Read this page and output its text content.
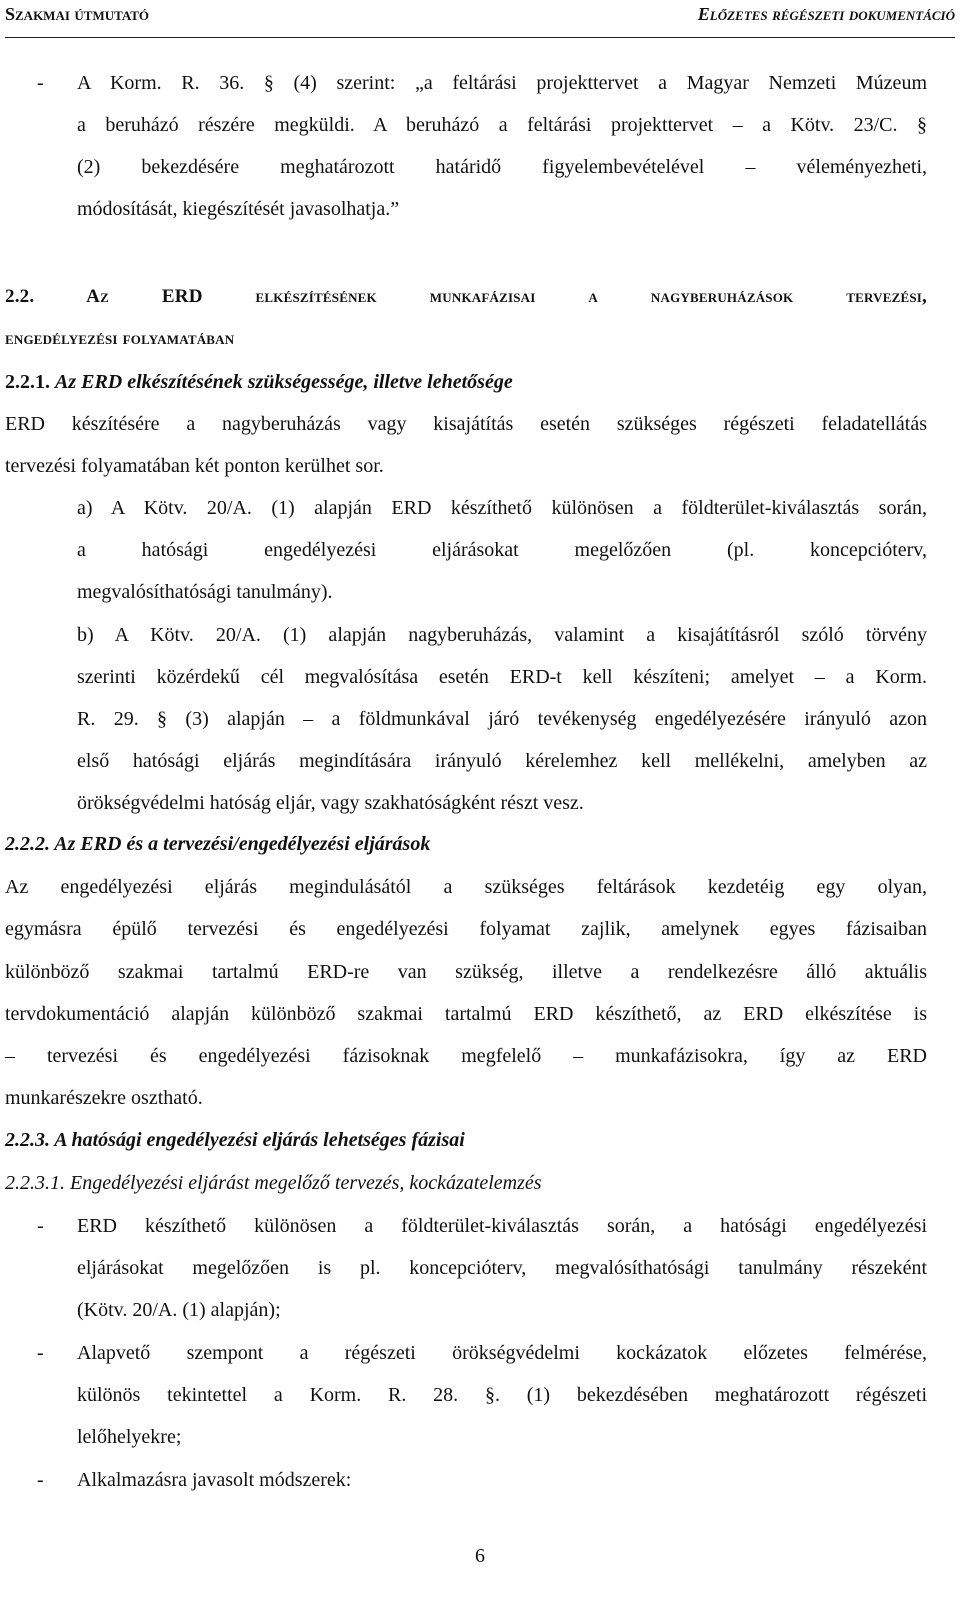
Szakmai útmutató	Előzetes régészeti dokumentáció
- A Korm. R. 36. § (4) szerint: „a feltárási projekttervet a Magyar Nemzeti Múzeum
a beruházó részére megküldi. A beruházó a feltárási projekttervet – a Kötv. 23/C. §
(2) bekezdésére meghatározott határidő figyelembevételével – véleményezheti,
módosítását, kiegészítését javasolhatja.”
2.2. Az ERD elkészítésének munkafázisai a nagyberuházások tervezési,
engedélyezési folyamatában
2.2.1. Az ERD elkészítésének szükségessége, illetve lehetősége
ERD készítésére a nagyberuházás vagy kisajátítás esetén szükséges régészeti feladatellátás
tervezési folyamatában két ponton kerülhet sor.
a) A Kötv. 20/A. (1) alapján ERD készíthető különösen a földterület-kiválasztás során,
a hatósági engedélyezési eljárásokat megelőzően (pl. koncepcióterv,
megvalósíthatósági tanulmány).
b) A Kötv. 20/A. (1) alapján nagyberuházás, valamint a kisajátításról szóló törvény
szerinti közérdekű cél megvalósítása esetén ERD-t kell készíteni; amelyet – a Korm.
R. 29. § (3) alapján – a földmunkával járó tevékenység engedélyezésére irányuló azon
első hatósági eljárás megindítására irányuló kérelemhez kell mellékelni, amelyben az
örökségvédelmi hatóság eljár, vagy szakhatóságként részt vesz.
2.2.2. Az ERD és a tervezési/engedélyezési eljárások
Az engedélyezési eljárás megindulásától a szükséges feltárások kezdetéig egy olyan,
egymásra épülő tervezési és engedélyezési folyamat zajlik, amelynek egyes fázisaiban
különböző szakmai tartalmú ERD-re van szükség, illetve a rendelkezésre álló aktuális
tervdokumentáció alapján különböző szakmai tartalmú ERD készíthető, az ERD elkészítése is
– tervezési és engedélyezési fázisoknak megfelelő – munkafázisokra, így az ERD
munkarészekre osztható.
2.2.3. A hatósági engedélyezési eljárás lehetséges fázisai
2.2.3.1. Engedélyezési eljárást megelőző tervezés, kockázatelemzés
- ERD készíthető különösen a földterület-kiválasztás során, a hatósági engedélyezési
eljárásokat megelőzően is pl. koncepcióterv, megvalósíthatósági tanulmány részeként
(Kötv. 20/A. (1) alapján);
- Alapvető szempont a régészeti örökségvédelmi kockázatok előzetes felmérése,
különös tekintettel a Korm. R. 28. §. (1) bekezdésében meghatározott régészeti
lelőhelyekre;
- Alkalmazásra javasolt módszerek:
6
